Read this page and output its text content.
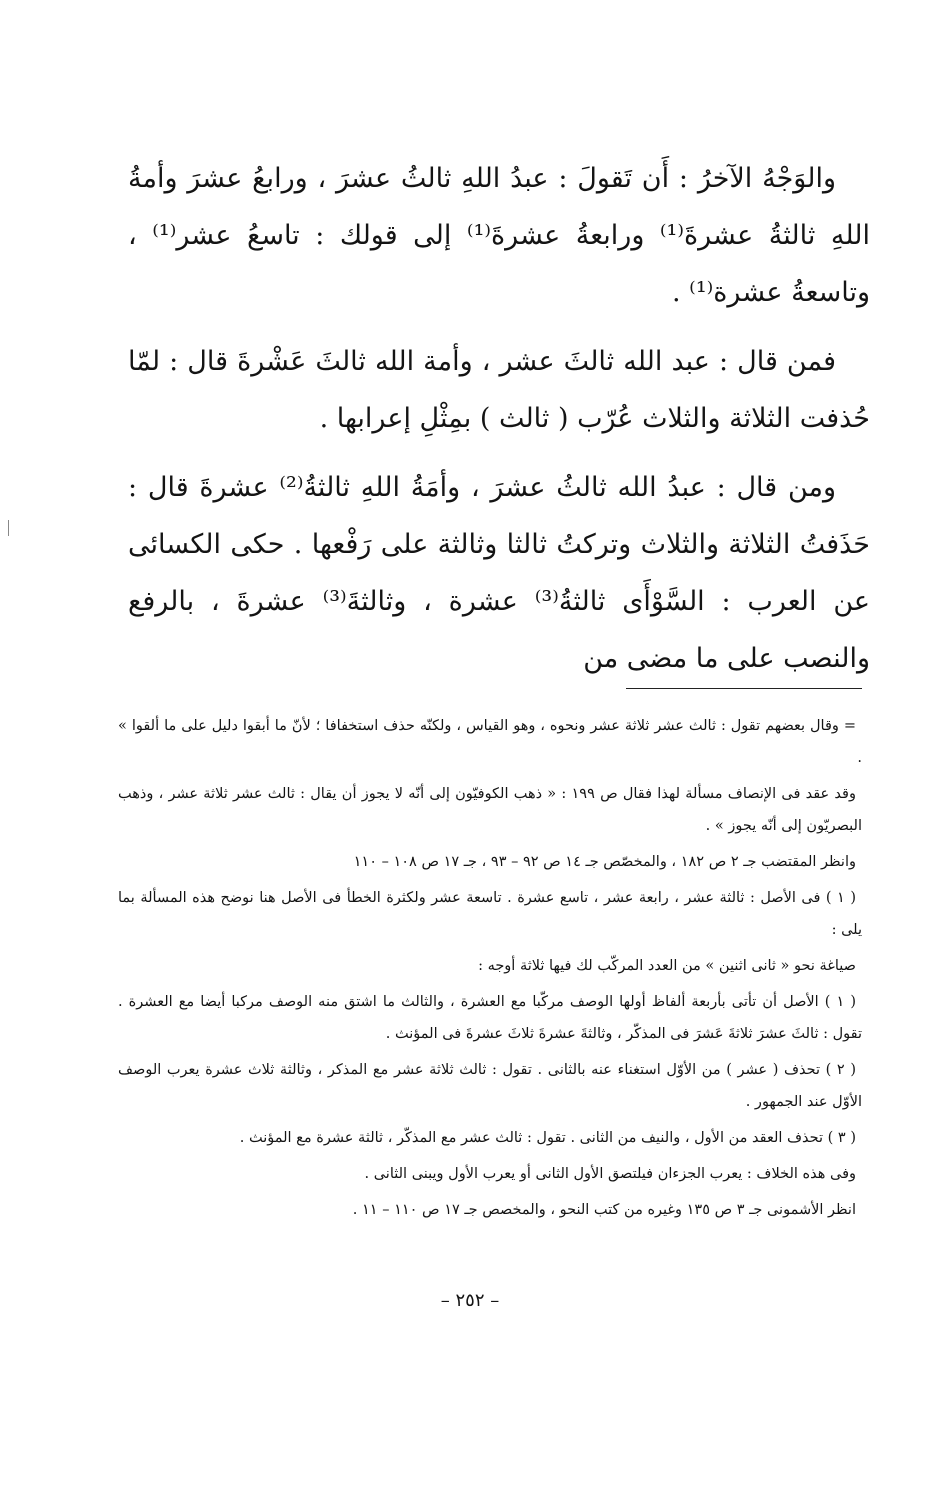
والوَجْهُ الآخرُ : أَن تَقولَ : عبدُ اللهِ ثالثُ عشرَ ، ورابعُ عشرَ وأمةُ اللهِ ثالثةُ عشرةَ⁽¹⁾ ورابعةُ عشرةَ⁽¹⁾ إلى قولك : تاسعُ عشر⁽¹⁾ ، وتاسعةُ عشرة⁽¹⁾ .

فمن قال : عبد الله ثالثَ عشر ، وأمة الله ثالثَ عَشْرةَ قال : لمّا حُذفت الثلاثة والثلاث عُرّب ( ثالث ) بمِثْلِ إعرابها .

ومن قال : عبدُ الله ثالثُ عشرَ ، وأمَةُ اللهِ ثالثةُ⁽²⁾ عشرةَ قال : حَذَفتُ الثلاثة والثلاث وتركتُ ثالثا وثالثة على رَفْعها . حكى الكسائى عن العرب : السَّوْأَى ثالثةُ⁽³⁾ عشرة ، وثالثةَ⁽³⁾ عشرةَ ، بالرفع والنصب على ما مضى من

= وقال بعضهم تقول : ثالث عشر ثلاثة عشر ونحوه ، وهو القياس ، ولكنّه حذف استخفافا ؛ لأنّ ما أبقوا دليل على ما ألقوا » .

وقد عقد فى الإنصاف مسألة لهذا فقال ص ١٩٩ : « ذهب الكوفيّون إلى أنّه لا يجوز أن يقال : ثالث عشر ثلاثة عشر ، وذهب البصريّون إلى أنّه يجوز » .

وانظر المقتضب جـ ٢ ص ١٨٢ ، والمخصّص جـ ١٤ ص ٩٢ – ٩٣ ، جـ ١٧ ص ١٠٨ – ١١٠

( ١ ) فى الأصل : ثالثة عشر ، رابعة عشر ، تاسع عشرة . تاسعة عشر ولكثرة الخطأ فى الأصل هنا نوضح هذه المسألة بما يلى :

صياغة نحو « ثانى اثنين » من العدد المركّب لك فيها ثلاثة أوجه :

( ١ ) الأصل أن تأتى بأربعة ألفاظ أولها الوصف مركّبا مع العشرة ، والثالث ما اشتق منه الوصف مركبا أيضا مع العشرة . تقول : ثالثَ عشرَ ثلاثةَ عَشرَ فى المذكّر ، وثالثةَ عشرةَ ثلاثَ عشرةَ فى المؤنث .

( ٢ ) تحذف ( عشر ) من الأوّل استغناء عنه بالثانى . تقول : ثالث ثلاثة عشر مع المذكر ، وثالثة ثلاث عشرة يعرب الوصف الأوّل عند الجمهور .

( ٣ ) تحذف العقد من الأول ، والنيف من الثانى . تقول : ثالث عشر مع المذكّر ، ثالثة عشرة مع المؤنث .

وفى هذه الخلاف : يعرب الجزءان فيلتصق الأول الثانى أو يعرب الأول ويبنى الثانى .

انظر الأشمونى جـ ٣ ص ١٣٥ وغيره من كتب النحو ، والمخصص جـ ١٧ ص ١١٠ – ١١ .

– ٢٥٢ –
